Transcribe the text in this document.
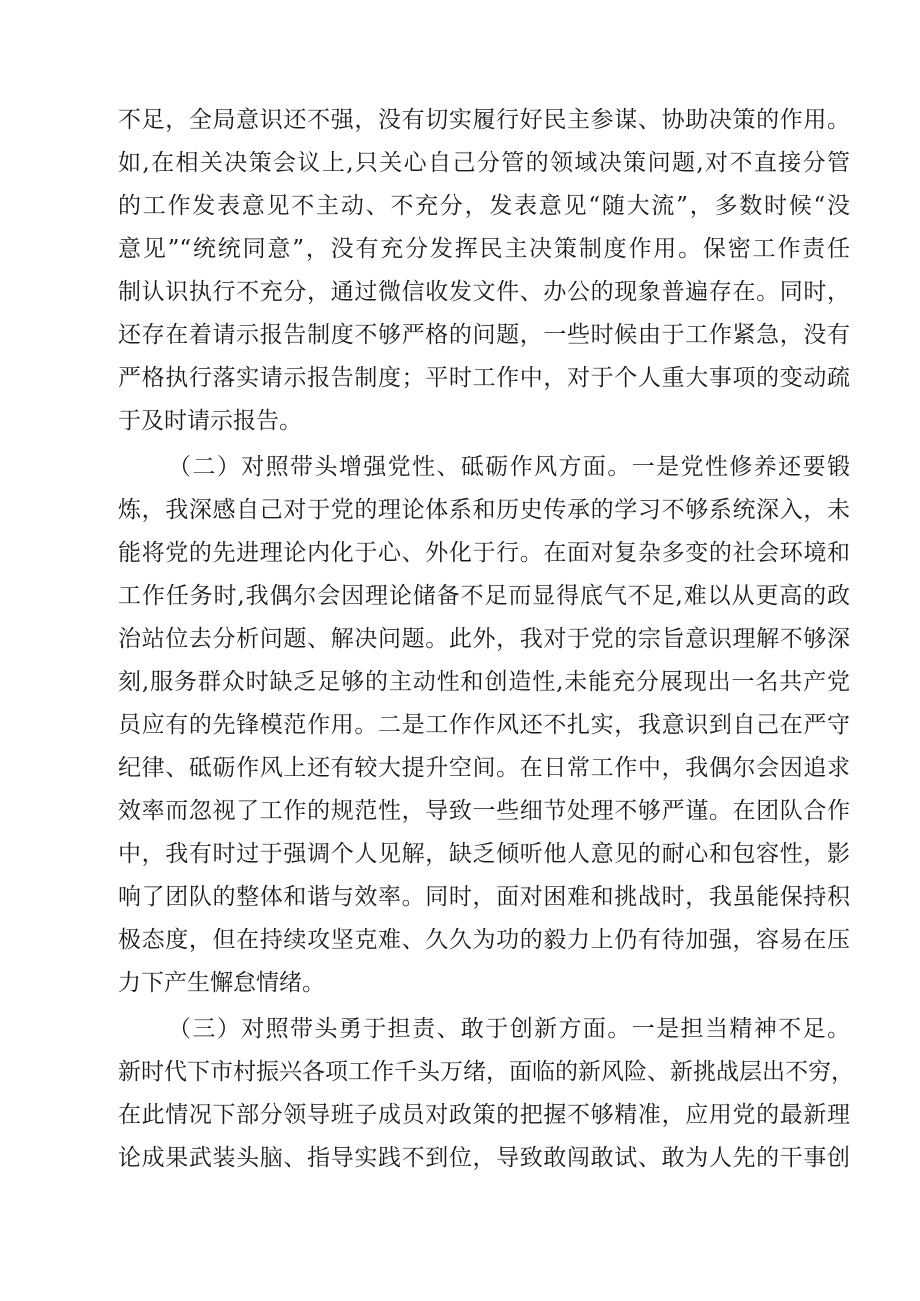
不足，全局意识还不强，没有切实履行好民主参谋、协助决策的作用。
如,在相关决策会议上,只关心自己分管的领域决策问题,对不直接分管
的工作发表意见不主动、不充分，发表意见“随大流”，多数时候“没
意见”“统统同意”，没有充分发挥民主决策制度作用。保密工作责任
制认识执行不充分，通过微信收发文件、办公的现象普遍存在。同时，
还存在着请示报告制度不够严格的问题，一些时候由于工作紧急，没有
严格执行落实请示报告制度；平时工作中，对于个人重大事项的变动疏
于及时请示报告。
（二）对照带头增强党性、砥砺作风方面。一是党性修养还要锻
炼，我深感自己对于党的理论体系和历史传承的学习不够系统深入，未
能将党的先进理论内化于心、外化于行。在面对复杂多变的社会环境和
工作任务时,我偶尔会因理论储备不足而显得底气不足,难以从更高的政
治站位去分析问题、解决问题。此外，我对于党的宗旨意识理解不够深
刻,服务群众时缺乏足够的主动性和创造性,未能充分展现出一名共产党
员应有的先锋模范作用。二是工作作风还不扎实，我意识到自己在严守
纪律、砥砺作风上还有较大提升空间。在日常工作中，我偶尔会因追求
效率而忽视了工作的规范性，导致一些细节处理不够严谨。在团队合作
中，我有时过于强调个人见解，缺乏倾听他人意见的耐心和包容性，影
响了团队的整体和谐与效率。同时，面对困难和挑战时，我虽能保持积
极态度，但在持续攻坚克难、久久为功的毅力上仍有待加强，容易在压
力下产生懈怠情绪。
（三）对照带头勇于担责、敢于创新方面。一是担当精神不足。
新时代下市村振兴各项工作千头万绪，面临的新风险、新挑战层出不穷，
在此情况下部分领导班子成员对政策的把握不够精准，应用党的最新理
论成果武装头脑、指导实践不到位，导致敢闯敢试、敢为人先的干事创
